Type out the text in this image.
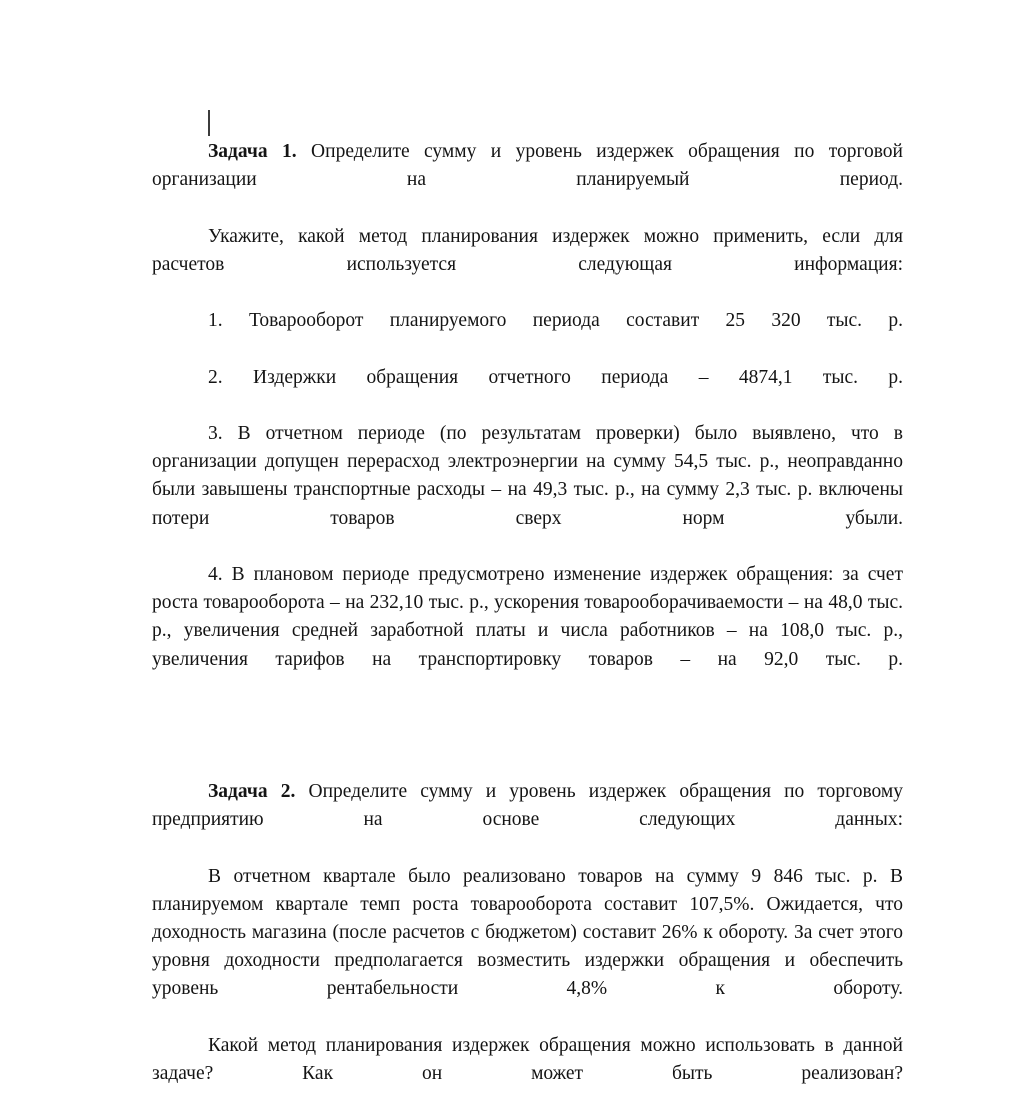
Задача 1. Определите сумму и уровень издержек обращения по торговой организации на планируемый период.

Укажите, какой метод планирования издержек можно применить, если для расчетов используется следующая информация:

1. Товарооборот планируемого периода составит 25 320 тыс. р.

2. Издержки обращения отчетного периода – 4874,1 тыс. р.

3. В отчетном периоде (по результатам проверки) было выявлено, что в организации допущен перерасход электроэнергии на сумму 54,5 тыс. р., неоправданно были завышены транспортные расходы – на 49,3 тыс. р., на сумму 2,3 тыс. р. включены потери товаров сверх норм убыли.

4. В плановом периоде предусмотрено изменение издержек обращения: за счет роста товарооборота – на 232,10 тыс. р., ускорения товарооборачиваемости – на 48,0 тыс. р., увеличения средней заработной платы и числа работников – на 108,0 тыс. р., увеличения тарифов на транспортировку товаров – на 92,0 тыс. р.

Задача 2. Определите сумму и уровень издержек обращения по торговому предприятию на основе следующих данных:

В отчетном квартале было реализовано товаров на сумму 9 846 тыс. р. В планируемом квартале темп роста товарооборота составит 107,5%. Ожидается, что доходность магазина (после расчетов с бюджетом) составит 26% к обороту. За счет этого уровня доходности предполагается возместить издержки обращения и обеспечить уровень рентабельности 4,8% к обороту.

Какой метод планирования издержек обращения можно использовать в данной задаче? Как он может быть реализован?
